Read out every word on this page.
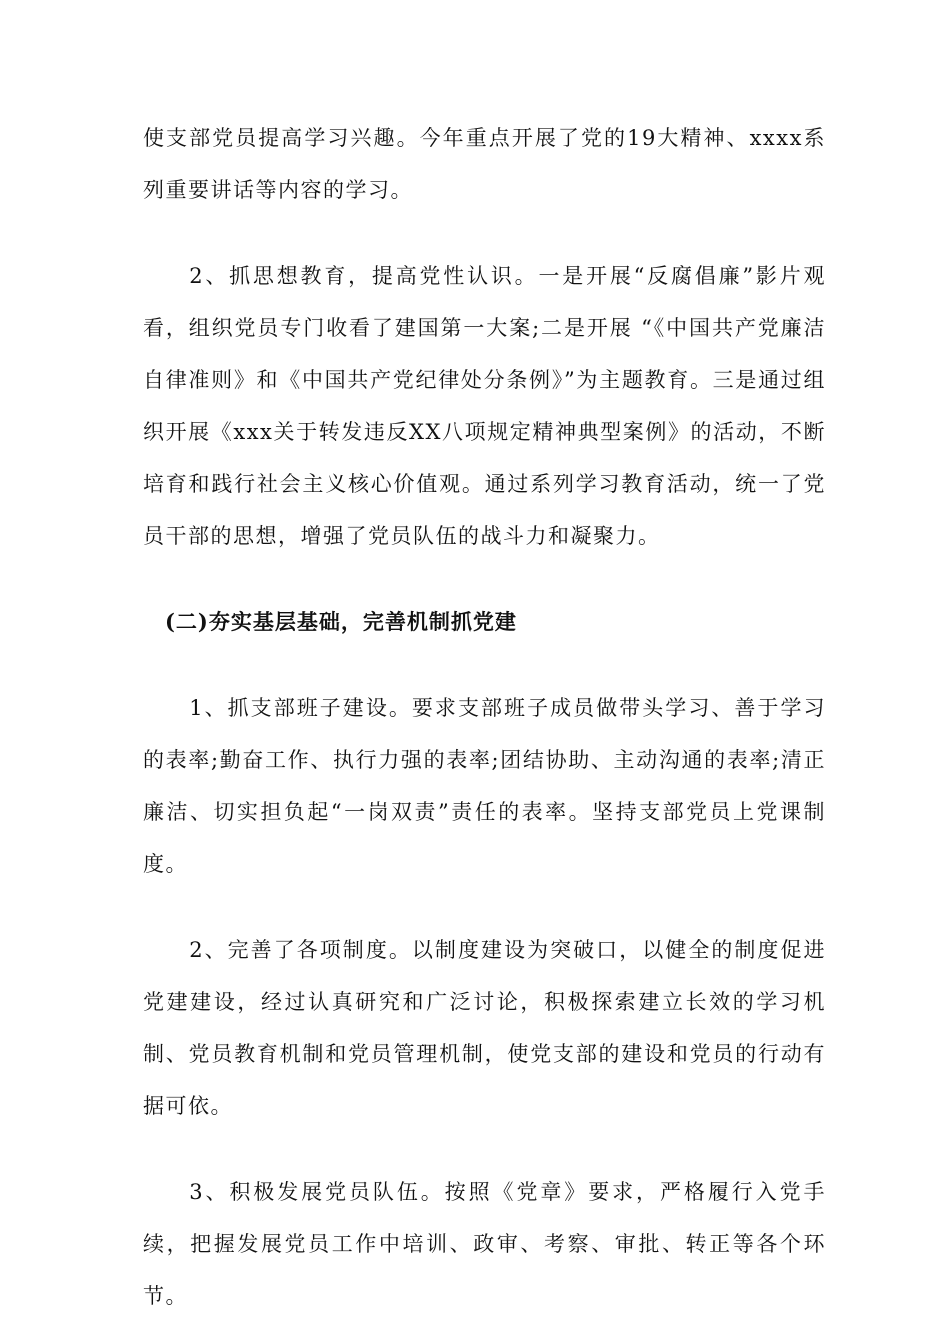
使支部党员提高学习兴趣。今年重点开展了党的19大精神、xxxx系列重要讲话等内容的学习。

2、抓思想教育，提高党性认识。一是开展“反腐倡廉”影片观看，组织党员专门收看了建国第一大案;二是开展 “《中国共产党廉洁自律准则》和《中国共产党纪律处分条例》”为主题教育。三是通过组织开展《xxx关于转发违反XX八项规定精神典型案例》的活动，不断培育和践行社会主义核心价值观。通过系列学习教育活动，统一了党员干部的思想，增强了党员队伍的战斗力和凝聚力。

(二)夯实基层基础，完善机制抓党建

1、抓支部班子建设。要求支部班子成员做带头学习、善于学习的表率;勤奋工作、执行力强的表率;团结协助、主动沟通的表率;清正廉洁、切实担负起“一岗双责”责任的表率。坚持支部党员上党课制度。

2、完善了各项制度。以制度建设为突破口，以健全的制度促进党建建设，经过认真研究和广泛讨论，积极探索建立长效的学习机制、党员教育机制和党员管理机制，使党支部的建设和党员的行动有据可依。

3、积极发展党员队伍。按照《党章》要求，严格履行入党手续，把握发展党员工作中培训、政审、考察、审批、转正等各个环节。
